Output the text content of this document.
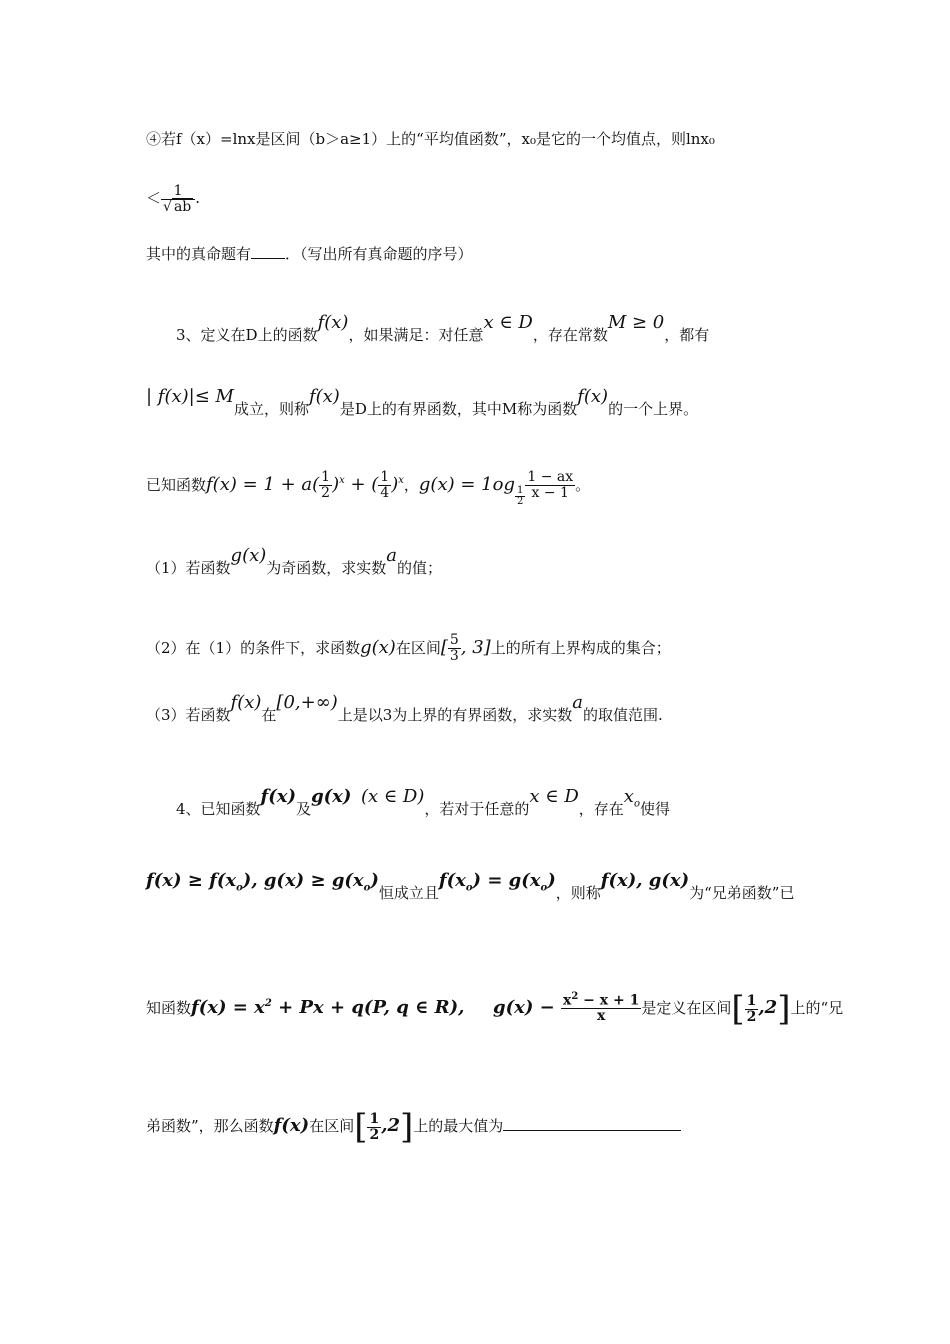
④若f（x）=lnx是区间（b＞a≥1）上的“平均值函数”，x₀是它的一个均值点，则lnx₀
＜ $\frac{1}{√ ab}$ .
其中的真命题有 ．（写出所有真命题的序号）
3、定义在D上的函数f(x)，如果满足：对任意x ∈ D，存在常数M ≥ 0，都有
| f(x)|≤ M成立，则称f(x)是D上的有界函数，其中M称为函数f(x)的一个上界。
已知函数$f(x) = 1 + a( \frac{1}{2} )^x$ + ( $\frac{1}{4} )^x$，g(x) = 1og
$\frac{1}{2} \frac{1 - ax}{x - 1}$ 。
（1）若函数g(x)为奇函数，求实数a的值；
（2）在（1）的条件下，求函数g(x)在区间[ $\frac{5}{3}$ , 3]上的所有上界构成的集合；
（3）若函数f(x)在[0,+∞)上是以3为上界的有界函数，求实数a的取值范围.
4、已知函数f(x)及g(x) (x ∈ D)，若对于任意的x ∈ D，存在$x_o$使得
$f(x) \ge f(x_o)$, $g(x) \ge g(x_o)$恒成立且$f(x_o) = g(x_o)$，则称f(x), g(x)为“兄弟函数”已
知函数$f(x) = x^2 + Px + q(P$, q ∈ R), $g(x) - \frac{x^2 - x + 1}{x}$ 是定义在区间[ $\frac{1}{2} ,2$]上的“兄
弟函数”，那么函数f(x)在区间[ $\frac{1}{2} ,2$]上的最大值为
